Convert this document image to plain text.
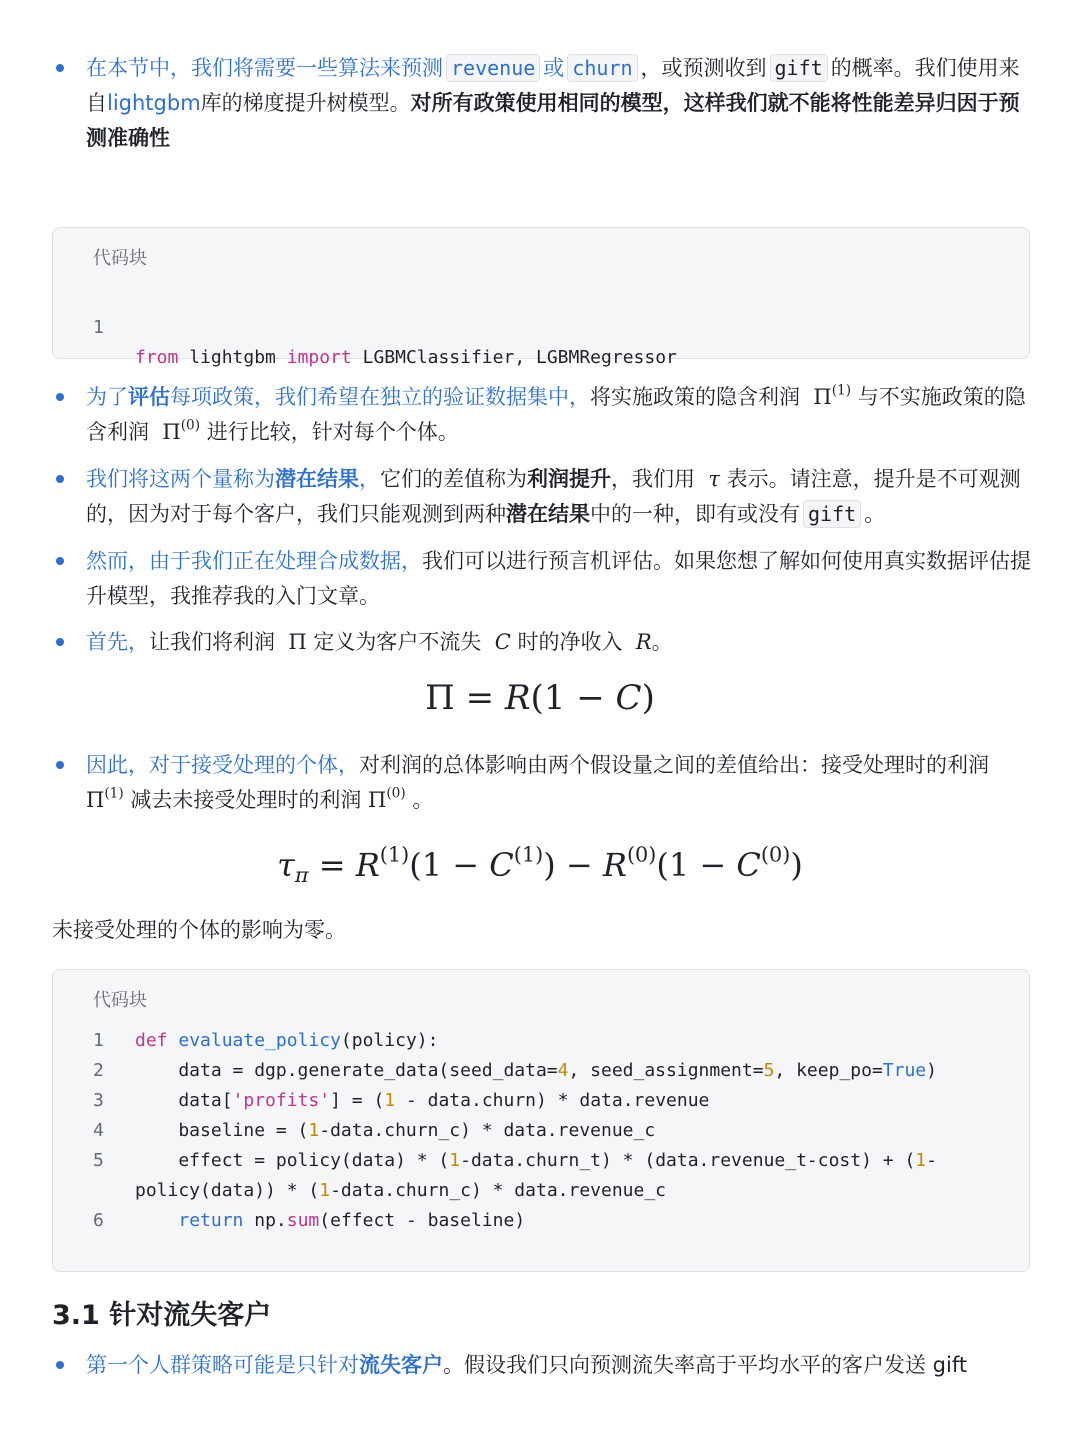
在本节中，我们将需要一些算法来预测 revenue 或 churn ，或预测收到 gift 的概率。我们使用来自lightgbm库的梯度提升树模型。对所有政策使用相同的模型，这样我们就不能将性能差异归因于预测准确性
代码块

1

from lightgbm import LGBMClassifier, LGBMRegressor

为了评估每项政策，我们希望在独立的验证数据集中，将实施政策的隐含利润  $\Pi^{(1)}$ 与不实施政策的隐含利润  $\Pi^{(0)}$ 进行比较，针对每个个体。
我们将这两个量称为潜在结果，它们的差值称为利润提升，我们用  τ 表示。请注意，提升是不可观测的，因为对于每个客户，我们只能观测到两种潜在结果中的一种，即有或没有 gift 。
然而，由于我们正在处理合成数据，我们可以进行预言机评估。如果您想了解如何使用真实数据评估提升模型，我推荐我的入门文章。
首先，让我们将利润  Π 定义为客户不流失  C 时的净收入  R。
Π = R(1 − C)
因此，对于接受处理的个体，对利润的总体影响由两个假设量之间的差值给出：接受处理时的利润 $\Pi^{(1)}$ 减去未接受处理时的利润 $\Pi^{(0)}$ 。
$\tau_\pi = R^{(1)}(1 - C^{(1)}) - R^{(0)}(1 - C^{(0)})$
未接受处理的个体的影响为零。
代码块
1 def evaluate_policy(policy):
2 data = dgp.generate_data(seed_data=4, seed_assignment=5, keep_po=True)
3 data['profits'] = (1 - data.churn) * data.revenue
4 baseline = (1-data.churn_c) * data.revenue_c
5 effect = policy(data) * (1-data.churn_t) * (data.revenue_t-cost) + (1-
policy(data)) * (1-data.churn_c) * data.revenue_c
6	return np.sum(effect - baseline)
3.1 针对流失客户
第一个人群策略可能是只针对流失客户。假设我们只向预测流失率高于平均水平的客户发送 gift
